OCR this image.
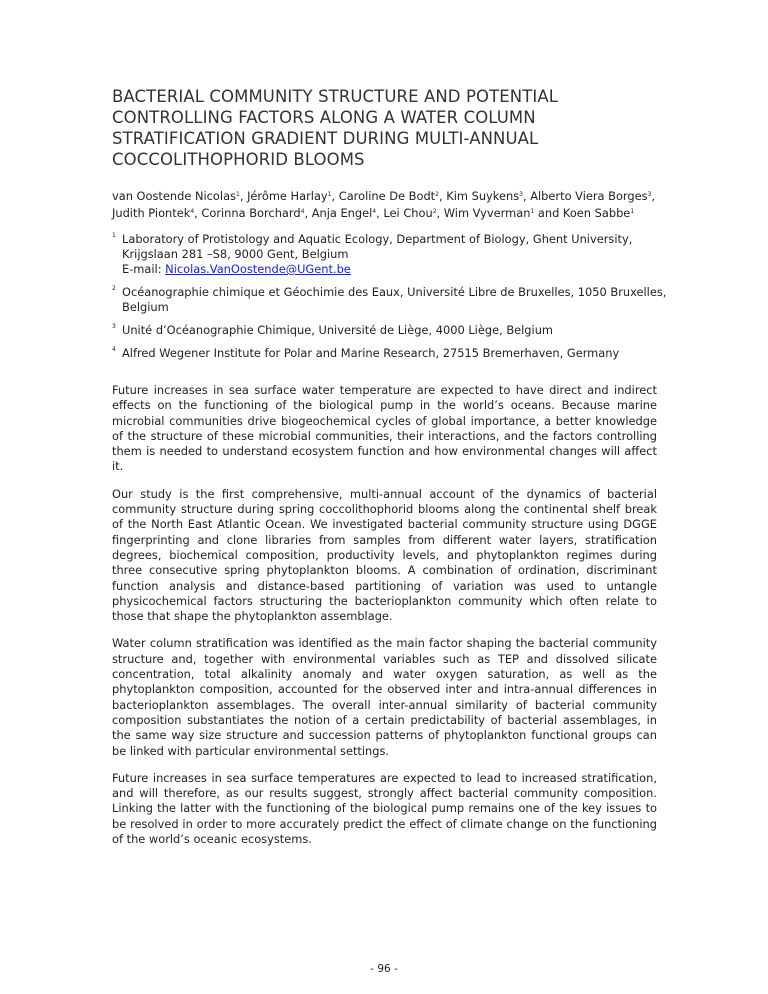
BACTERIAL COMMUNITY STRUCTURE AND POTENTIAL CONTROLLING FACTORS ALONG A WATER COLUMN STRATIFICATION GRADIENT DURING MULTI-ANNUAL COCCOLITHOPHORID BLOOMS
van Oostende Nicolas$^1$, Jérôme Harlay$^1$, Caroline De Bodt$^2$, Kim Suykens$^3$, Alberto Viera Borges$^3$, Judith Piontek$^4$, Corinna Borchard$^4$, Anja Engel$^4$, Lei Chou$^2$, Wim Vyverman$^1$ and Koen Sabbe$^1$
1 Laboratory of Protistology and Aquatic Ecology, Department of Biology, Ghent University,
Krijgslaan 281 –S8, 9000 Gent, Belgium
E-mail: Nicolas.VanOostende@UGent.be
2 Océanographie chimique et Géochimie des Eaux, Université Libre de Bruxelles, 1050 Bruxelles,
Belgium
3 Unité d’Océanographie Chimique, Université de Liège, 4000 Liège, Belgium
4 Alfred Wegener Institute for Polar and Marine Research, 27515 Bremerhaven, Germany

Future increases in sea surface water temperature are expected to have direct and indirect effects on the functioning of the biological pump in the world’s oceans. Because marine microbial communities drive biogeochemical cycles of global importance, a better knowledge of the structure of these microbial communities, their interactions, and the factors controlling them is needed to understand ecosystem function and how environmental changes will affect it.

Our study is the first comprehensive, multi-annual account of the dynamics of bacterial community structure during spring coccolithophorid blooms along the continental shelf break of the North East Atlantic Ocean. We investigated bacterial community structure using DGGE fingerprinting and clone libraries from samples from different water layers, stratification degrees, biochemical composition, productivity levels, and phytoplankton regimes during three consecutive spring phytoplankton blooms. A combination of ordination, discriminant function analysis and distance-based partitioning of variation was used to untangle physicochemical factors structuring the bacterioplankton community which often relate to those that shape the phytoplankton assemblage.

Water column stratification was identified as the main factor shaping the bacterial community structure and, together with environmental variables such as TEP and dissolved silicate concentration, total alkalinity anomaly and water oxygen saturation, as well as the phytoplankton composition, accounted for the observed inter and intra-annual differences in bacterioplankton assemblages. The overall inter-annual similarity of bacterial community composition substantiates the notion of a certain predictability of bacterial assemblages, in the same way size structure and succession patterns of phytoplankton functional groups can be linked with particular environmental settings.

Future increases in sea surface temperatures are expected to lead to increased stratification, and will therefore, as our results suggest, strongly affect bacterial community composition. Linking the latter with the functioning of the biological pump remains one of the key issues to be resolved in order to more accurately predict the effect of climate change on the functioning of the world’s oceanic ecosystems.

- 96 -
